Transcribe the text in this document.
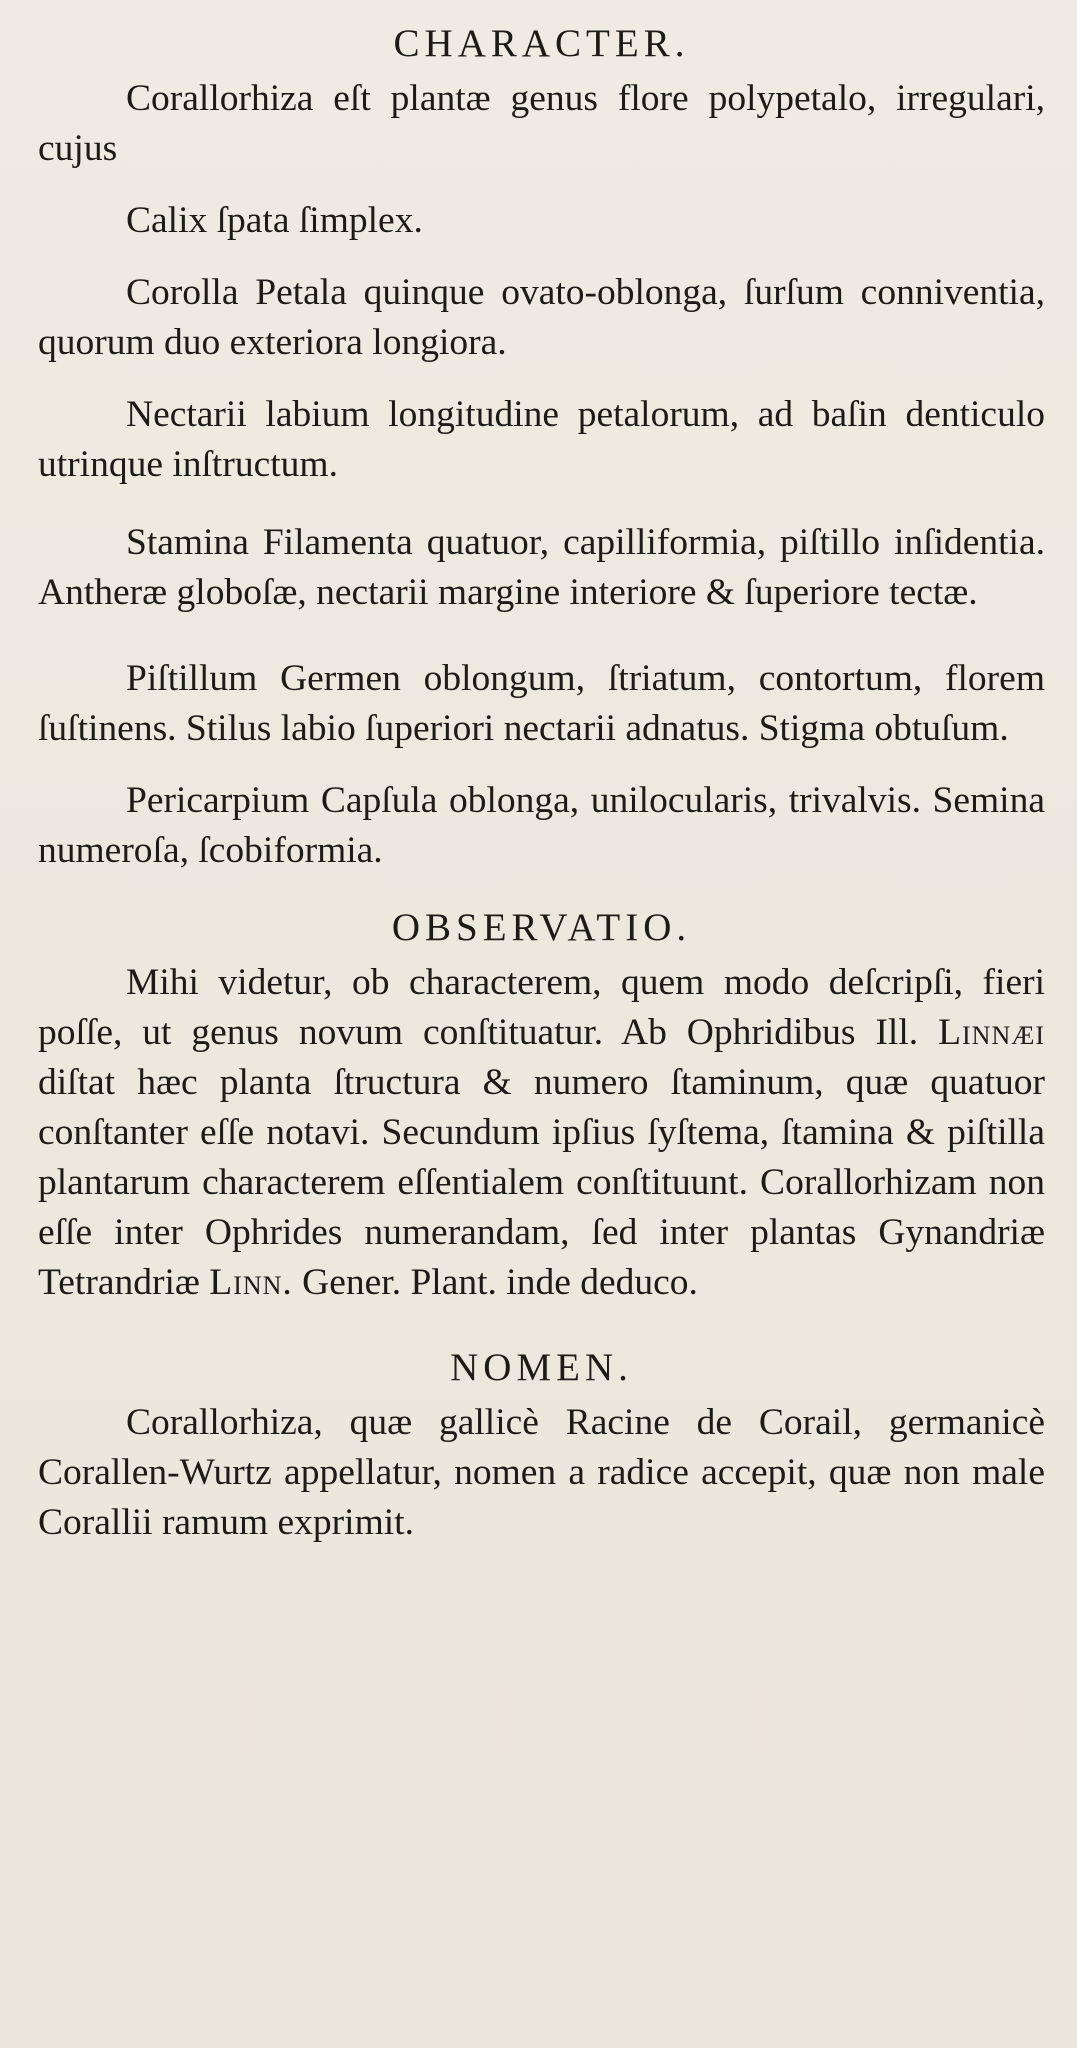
CHARACTER.

Corallorhiza eſt plantæ genus flore polypetalo, irregulari, cujus

Calix ſpata ſimplex.

Corolla Petala quinque ovato-oblonga, ſurſum conniventia, quorum duo exteriora longiora.

Nectarii labium longitudine petalorum, ad baſin denticulo utrinque inſtructum.

Stamina Filamenta quatuor, capilliformia, piſtillo inſidentia. Antheræ globoſæ, nectarii margine interiore & ſuperiore tectæ.

Piſtillum Germen oblongum, ſtriatum, contortum, florem ſuſtinens. Stilus labio ſuperiori nectarii adnatus. Stigma obtuſum.

Pericarpium Capſula oblonga, unilocularis, trivalvis. Semina numeroſa, ſcobiformia.

OBSERVATIO.

Mihi videtur, ob characterem, quem modo deſcripſi, fieri poſſe, ut genus novum conſtituatur. Ab Ophridibus Ill. Linnæi diſtat hæc planta ſtructura & numero ſtaminum, quæ quatuor conſtanter eſſe notavi. Secundum ipſius ſyſtema, ſtamina & piſtilla plantarum characterem eſſentialem conſtituunt. Corallorhizam non eſſe inter Ophrides numerandam, ſed inter plantas Gynandriæ Tetrandriæ Linn. Gener. Plant. inde deduco.

NOMEN.

Corallorhiza, quæ gallicè Racine de Corail, germanicè Corallen-Wurtz appellatur, nomen a radice accepit, quæ non male Corallii ramum exprimit.
